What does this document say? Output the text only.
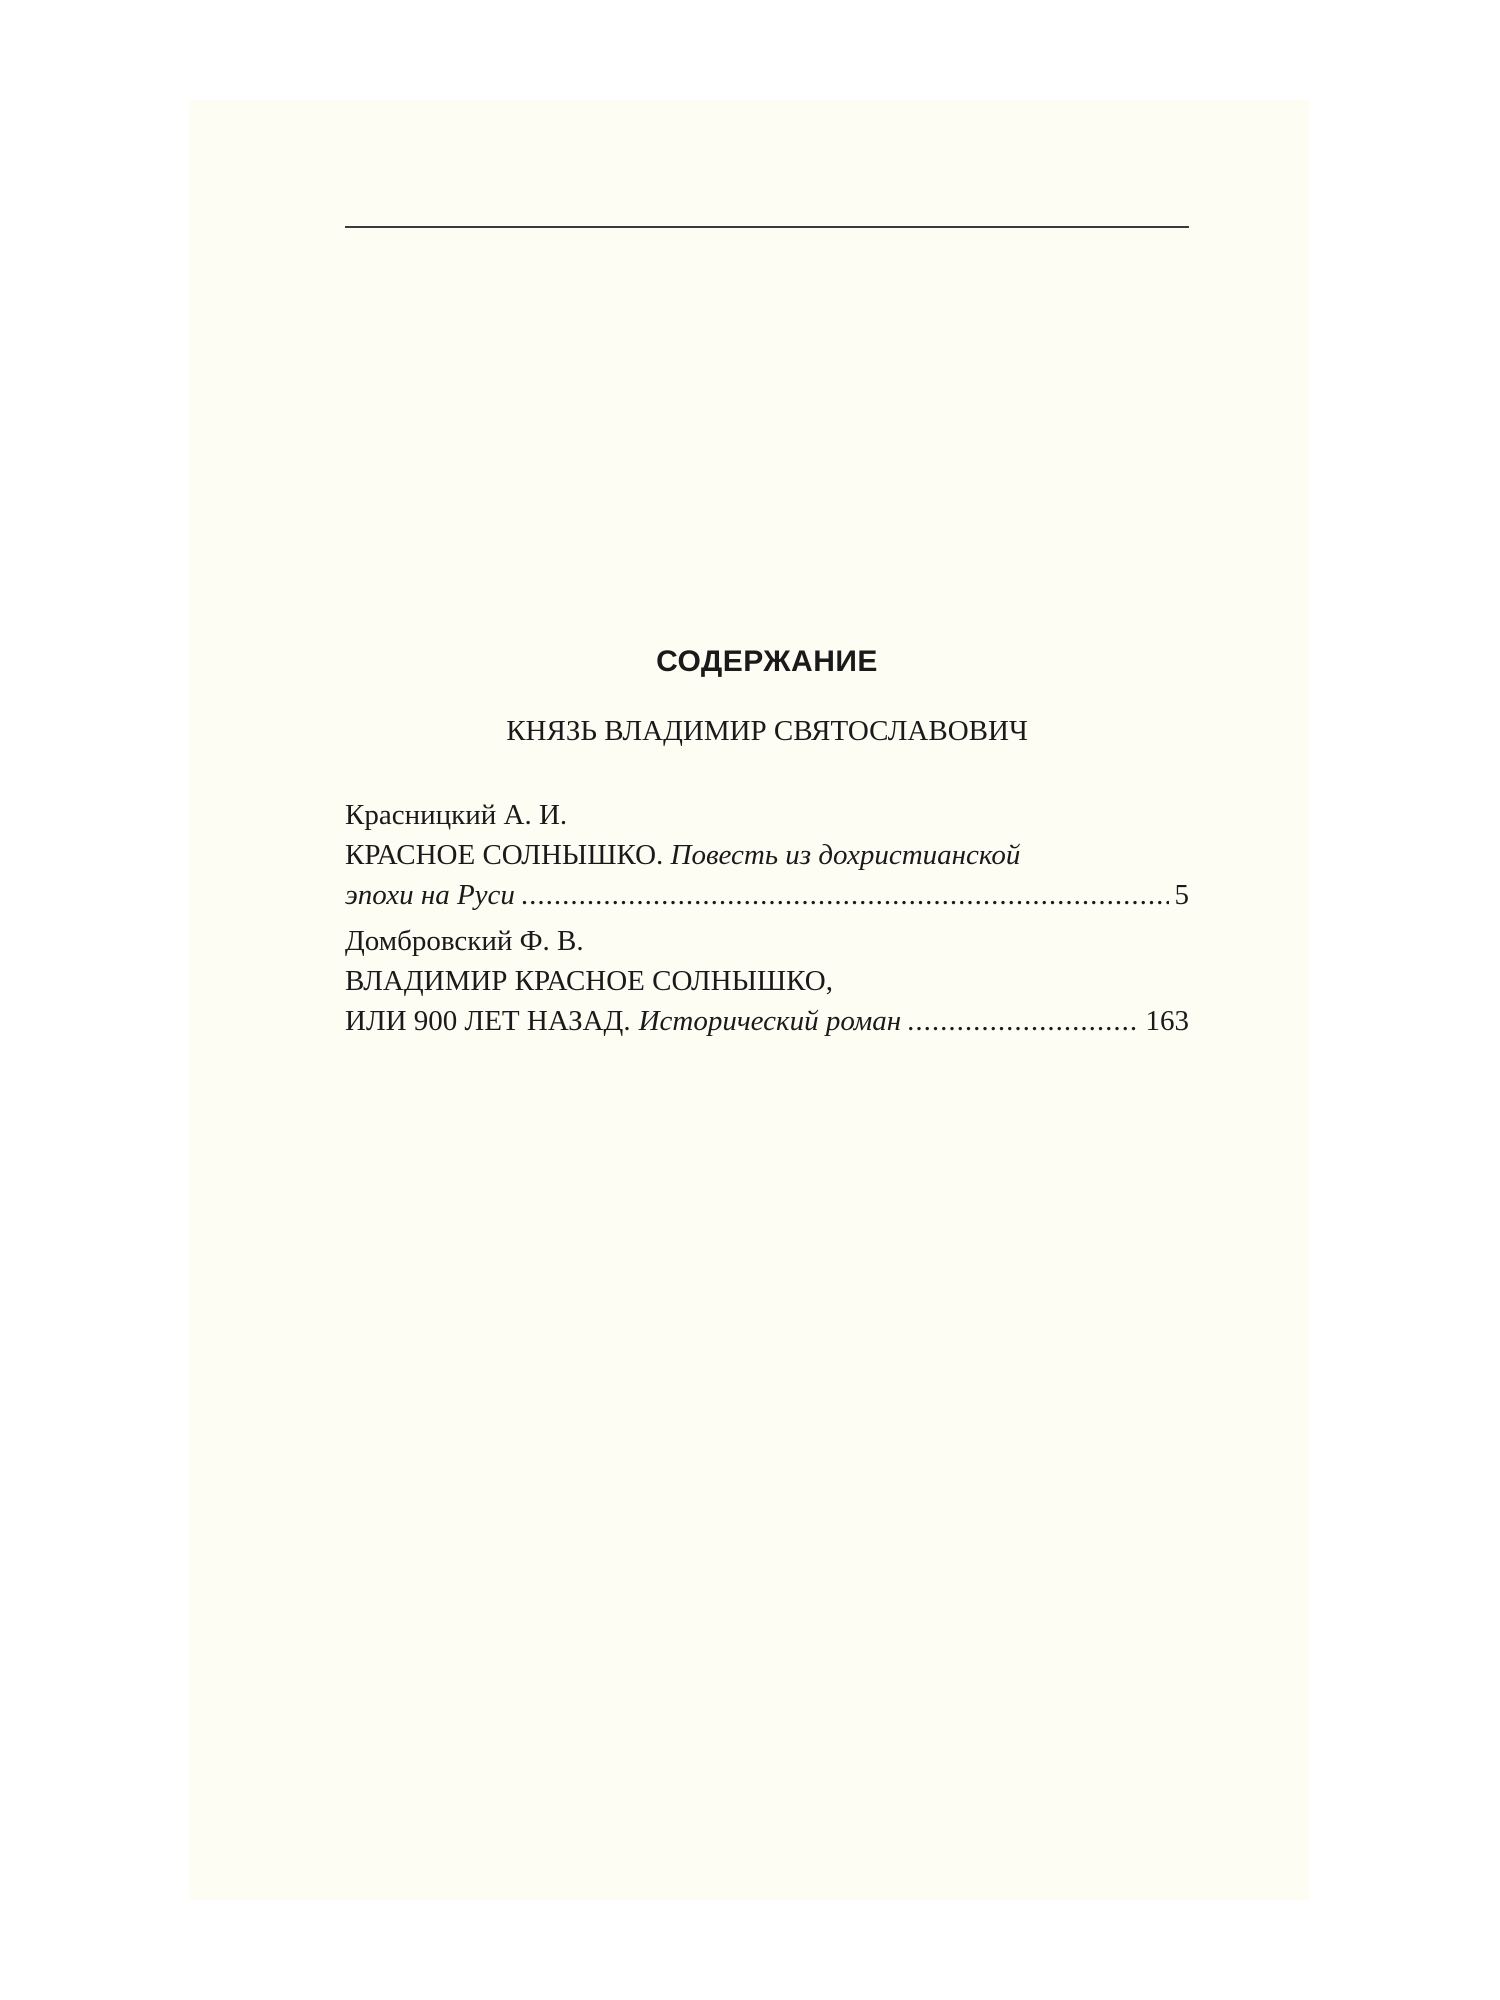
СОДЕРЖАНИЕ
КНЯЗЬ ВЛАДИМИР СВЯТОСЛАВОВИЧ
Красницкий А. И.
КРАСНОЕ СОЛНЫШКО. Повесть из дохристианской
эпохи на Руси .....	5
Домбровский Ф. В.
ВЛАДИМИР КРАСНОЕ СОЛНЫШКО,
ИЛИ 900 ЛЕТ НАЗАД. Исторический роман .....	163
